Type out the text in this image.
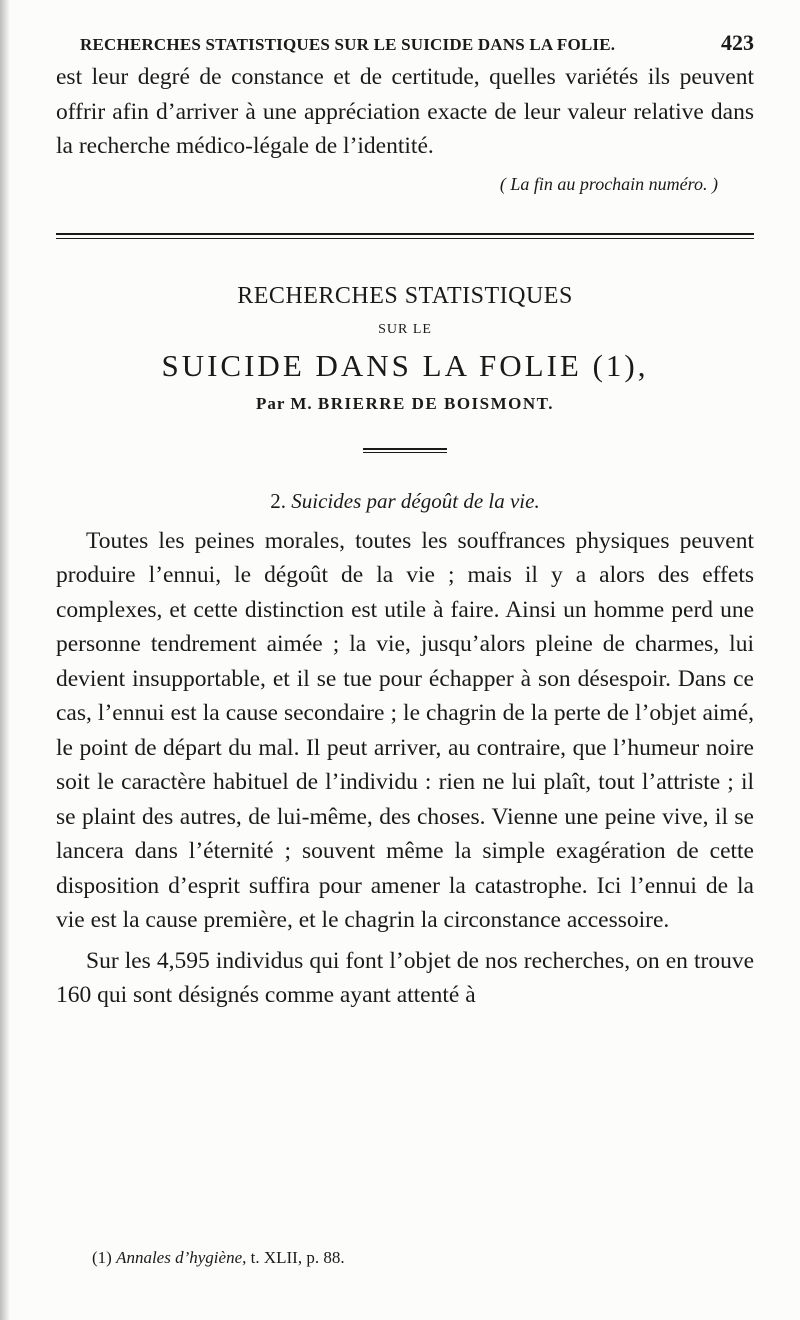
RECHERCHES STATISTIQUES SUR LE SUICIDE DANS LA FOLIE.	423

est leur degré de constance et de certitude, quelles variétés ils peuvent offrir afin d’arriver à une appréciation exacte de leur valeur relative dans la recherche médico-légale de l’identité.

( La fin au prochain numéro. )
RECHERCHES STATISTIQUES
SUR LE
SUICIDE DANS LA FOLIE (1),
Par M. BRIERRE DE BOISMONT.
2. Suicides par dégoût de la vie.

Toutes les peines morales, toutes les souffrances physiques peuvent produire l’ennui, le dégoût de la vie ; mais il y a alors des effets complexes, et cette distinction est utile à faire. Ainsi un homme perd une personne tendrement aimée ; la vie, jusqu’alors pleine de charmes, lui devient insupportable, et il se tue pour échapper à son désespoir. Dans ce cas, l’ennui est la cause secondaire ; le chagrin de la perte de l’objet aimé, le point de départ du mal. Il peut arriver, au contraire, que l’humeur noire soit le caractère habituel de l’individu : rien ne lui plaît, tout l’attriste ; il se plaint des autres, de lui-même, des choses. Vienne une peine vive, il se lancera dans l’éternité ; souvent même la simple exagération de cette disposition d’esprit suffira pour amener la catastrophe. Ici l’ennui de la vie est la cause première, et le chagrin la circonstance accessoire.

Sur les 4,595 individus qui font l’objet de nos recherches, on en trouve 160 qui sont désignés comme ayant attenté à

(1) Annales d’hygiène, t. XLII, p. 88.
